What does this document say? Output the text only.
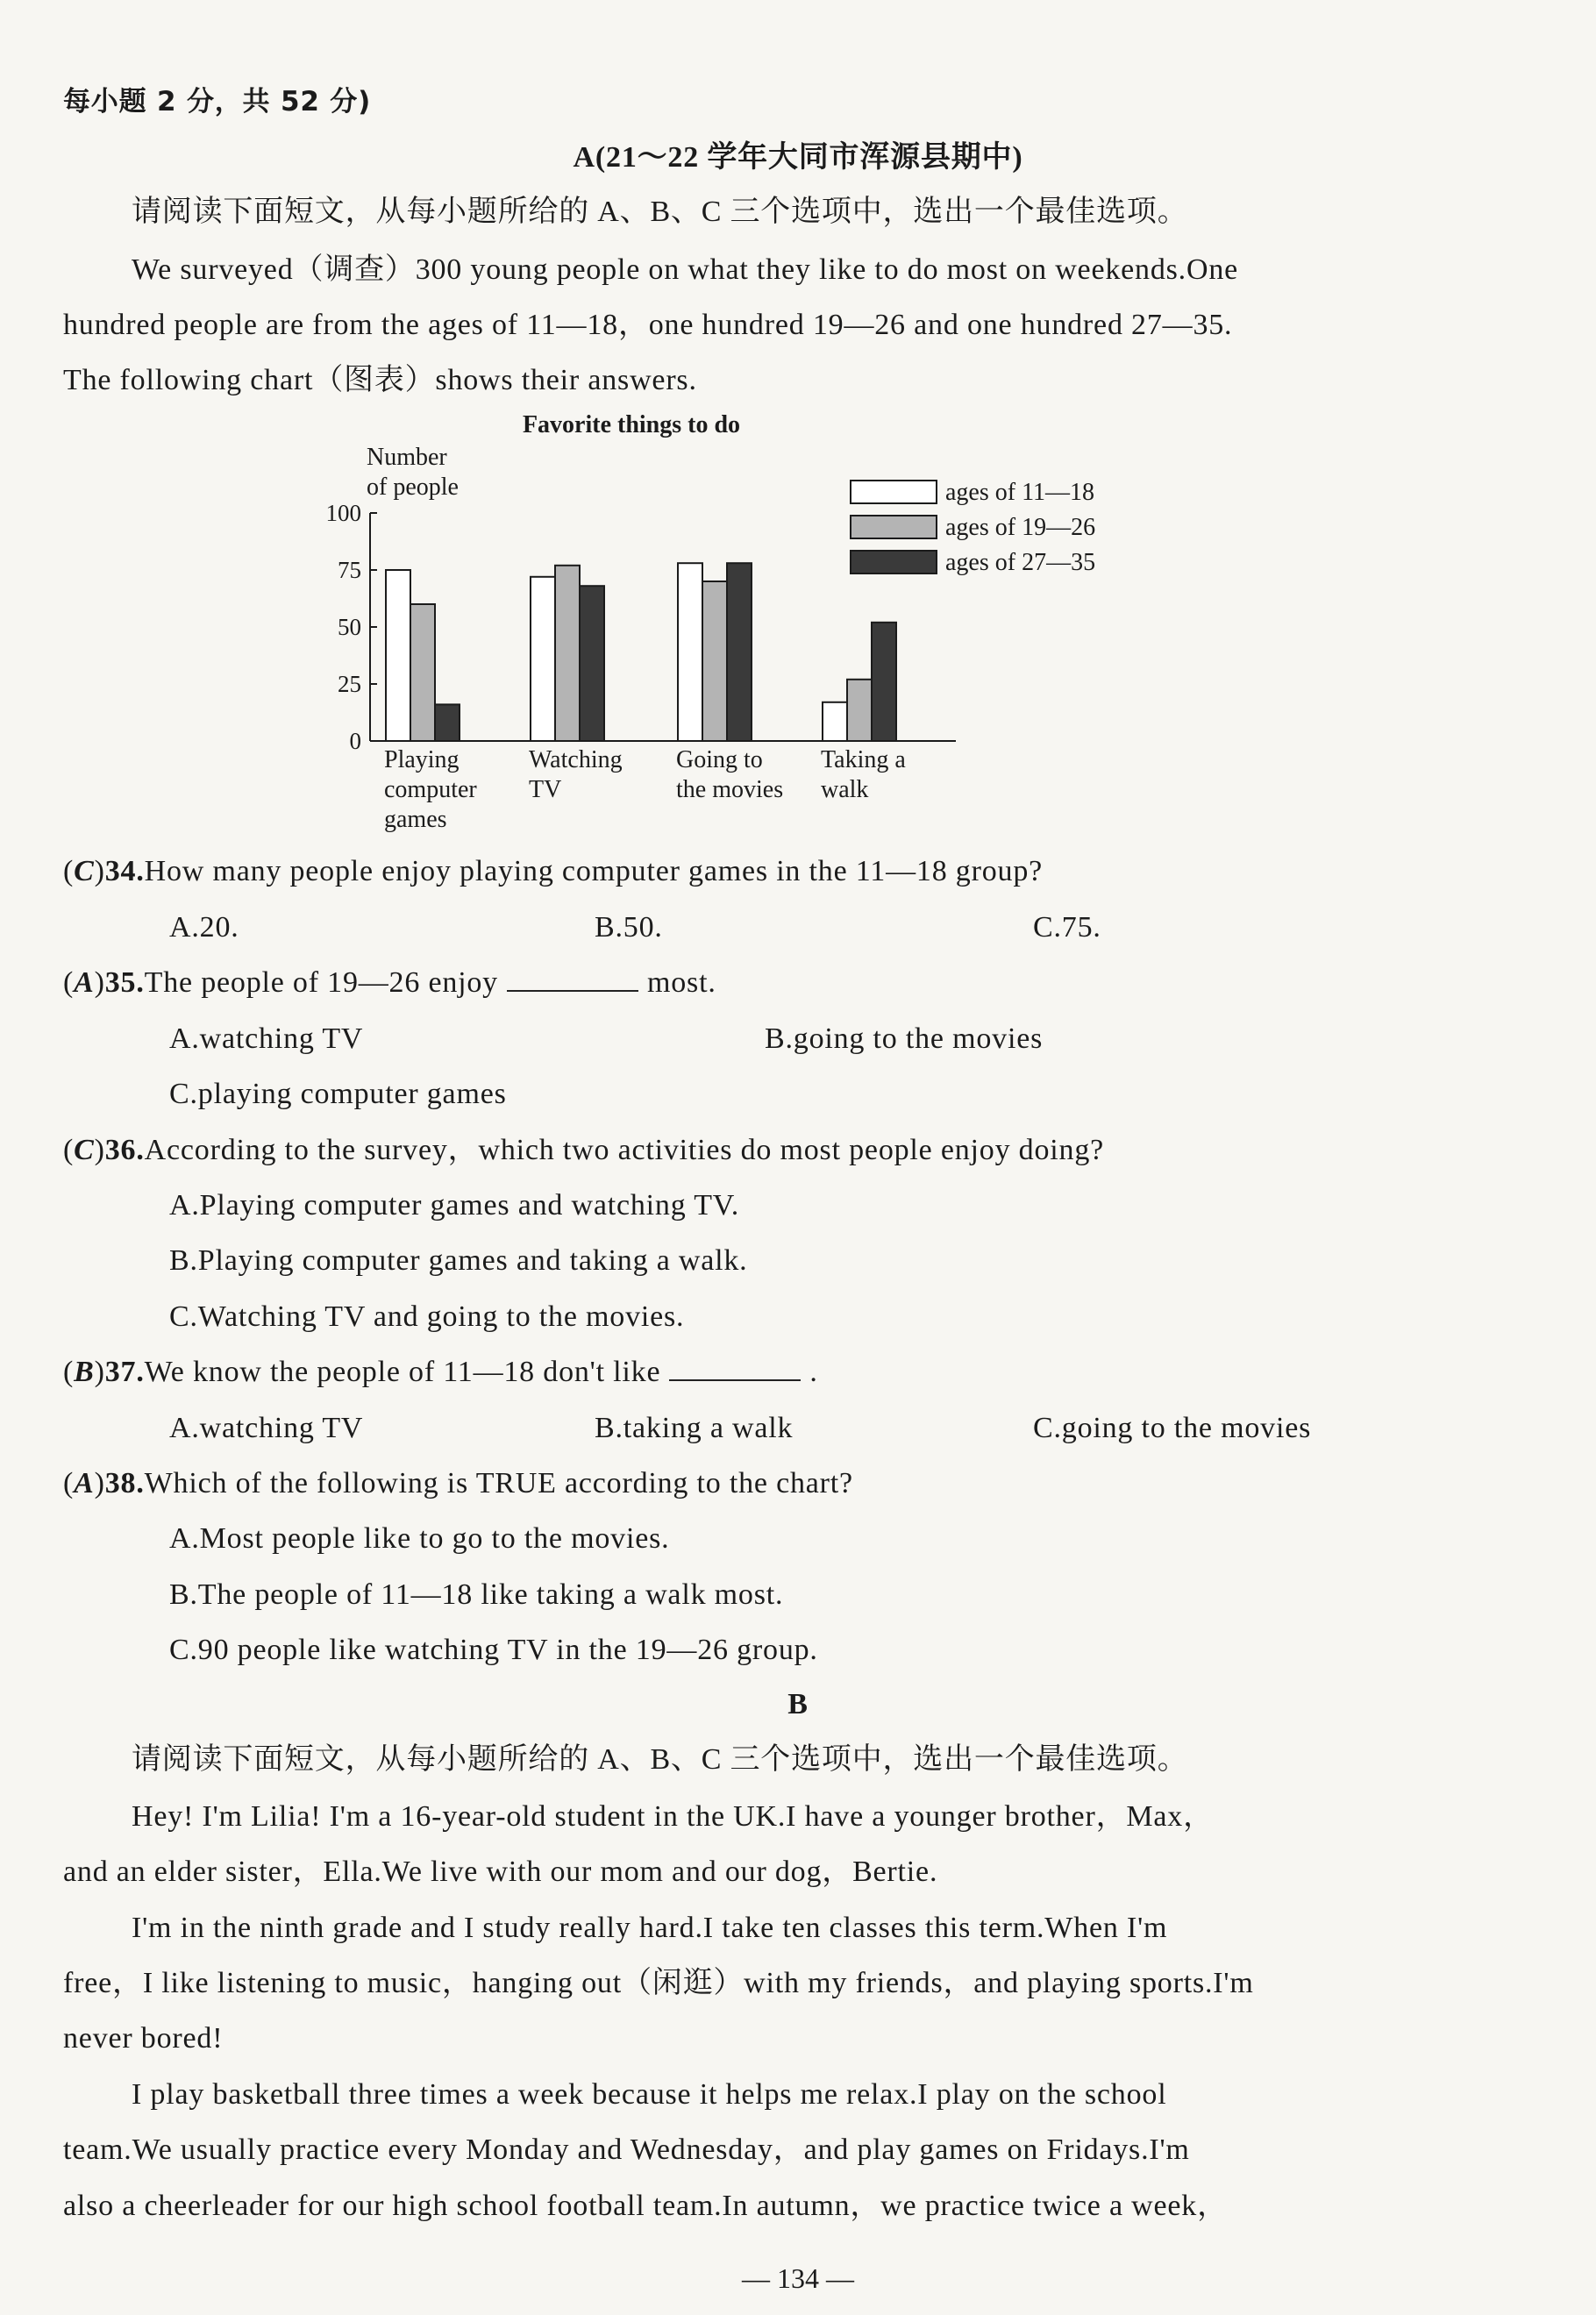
每小题 2 分，共 52 分)
A(21～22 学年大同市浑源县期中)
请阅读下面短文，从每小题所给的 A、B、C 三个选项中，选出一个最佳选项。
We surveyed（调查）300 young people on what they like to do most on weekends.One
hundred people are from the ages of 11—18，one hundred 19—26 and one hundred 27—35.
The following chart（图表）shows their answers.
Favorite things to do
Number
of people
0
25
50
75
100
Playing
computer
games
Watching
TV
Going to
the movies
Taking a
walk
ages of 11—18
ages of 19—26
ages of 27—35
(C)34.How many people enjoy playing computer games in the 11—18 group?
A.20.	B.50.	C.75.
(A)35.The people of 19—26 enjoy	most.
A.watching TV	B.going to the movies
C.playing computer games
(C)36.According to the survey，which two activities do most people enjoy doing?
A.Playing computer games and watching TV.
B.Playing computer games and taking a walk.
C.Watching TV and going to the movies.
(B)37.We know the people of 11—18 don't like	.
A.watching TV	B.taking a walk	C.going to the movies
(A)38.Which of the following is TRUE according to the chart?
A.Most people like to go to the movies.
B.The people of 11—18 like taking a walk most.
C.90 people like watching TV in the 19—26 group.
B
请阅读下面短文，从每小题所给的 A、B、C 三个选项中，选出一个最佳选项。
Hey! I'm Lilia! I'm a 16-year-old student in the UK.I have a younger brother，Max，
and an elder sister，Ella.We live with our mom and our dog，Bertie.
I'm in the ninth grade and I study really hard.I take ten classes this term.When I'm
free，I like listening to music，hanging out（闲逛）with my friends，and playing sports.I'm
never bored!
I play basketball three times a week because it helps me relax.I play on the school
team.We usually practice every Monday and Wednesday，and play games on Fridays.I'm
also a cheerleader for our high school football team.In autumn，we practice twice a week，
— 134 —
